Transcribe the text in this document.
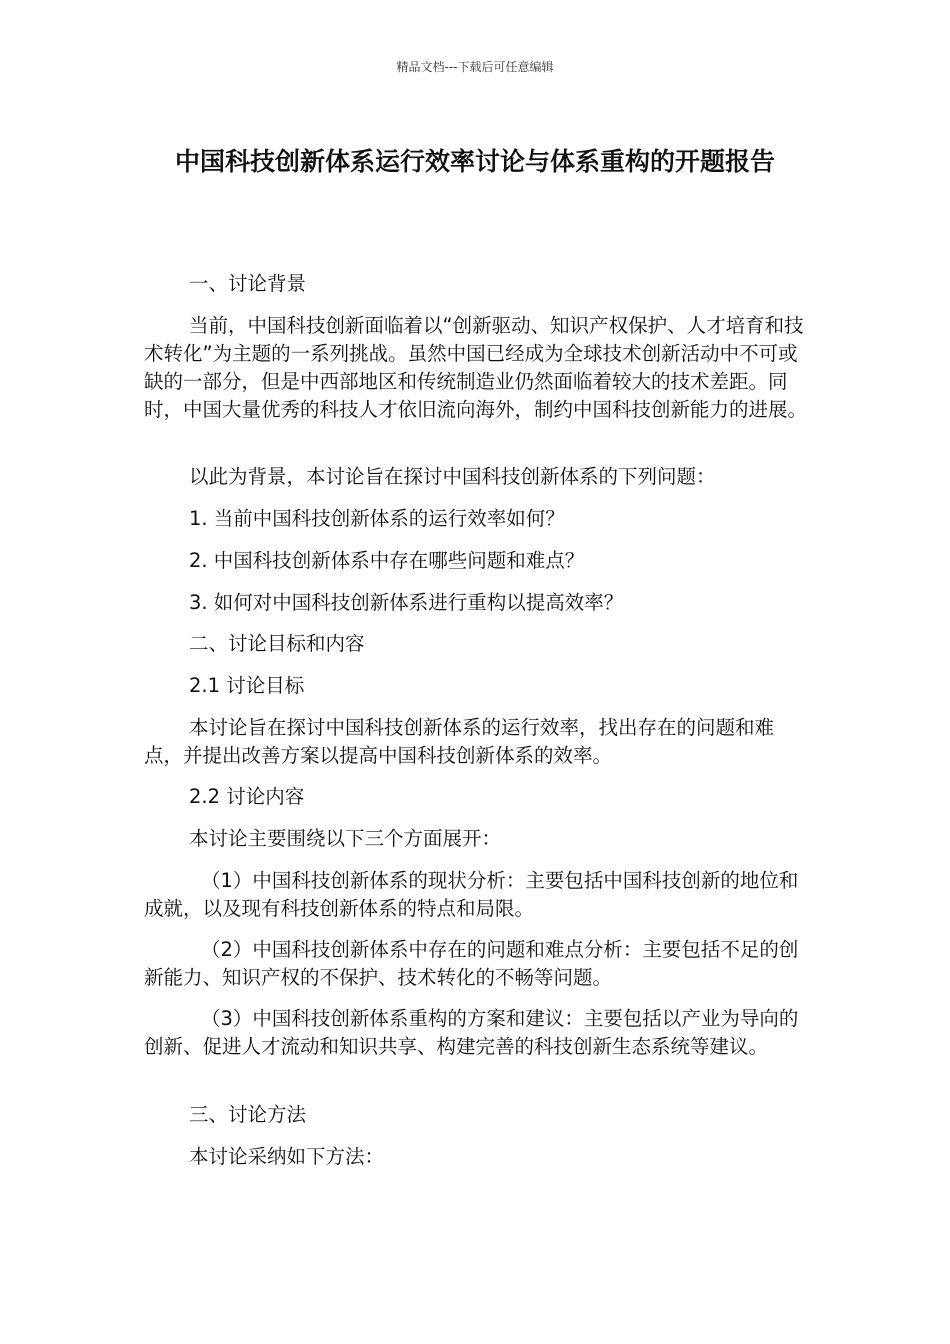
精品文档---下载后可任意编辑
中国科技创新体系运行效率讨论与体系重构的开题报告
一、讨论背景
当前，中国科技创新面临着以“创新驱动、知识产权保护、人才培育和技术转化”为主题的一系列挑战。虽然中国已经成为全球技术创新活动中不可或缺的一部分，但是中西部地区和传统制造业仍然面临着较大的技术差距。同时，中国大量优秀的科技人才依旧流向海外，制约中国科技创新能力的进展。
以此为背景，本讨论旨在探讨中国科技创新体系的下列问题：
1. 当前中国科技创新体系的运行效率如何？
2. 中国科技创新体系中存在哪些问题和难点？
3. 如何对中国科技创新体系进行重构以提高效率？
二、讨论目标和内容
2.1 讨论目标
本讨论旨在探讨中国科技创新体系的运行效率，找出存在的问题和难点，并提出改善方案以提高中国科技创新体系的效率。
2.2 讨论内容
本讨论主要围绕以下三个方面展开：
（1）中国科技创新体系的现状分析：主要包括中国科技创新的地位和成就，以及现有科技创新体系的特点和局限。
（2）中国科技创新体系中存在的问题和难点分析：主要包括不足的创新能力、知识产权的不保护、技术转化的不畅等问题。
（3）中国科技创新体系重构的方案和建议：主要包括以产业为导向的创新、促进人才流动和知识共享、构建完善的科技创新生态系统等建议。
三、讨论方法
本讨论采纳如下方法：
